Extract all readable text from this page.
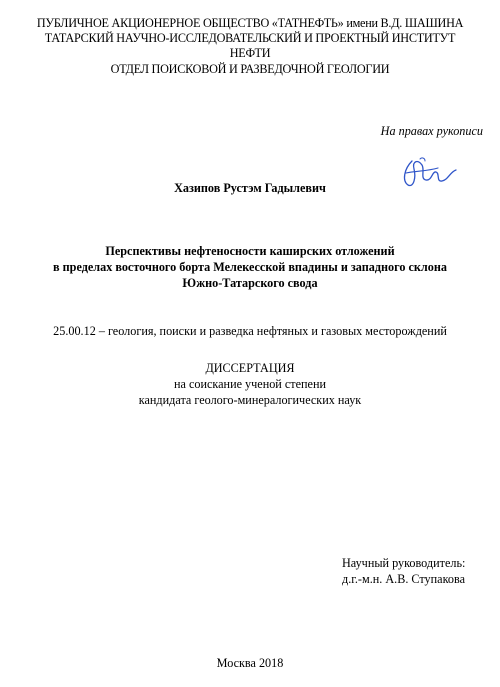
ПУБЛИЧНОЕ АКЦИОНЕРНОЕ ОБЩЕСТВО «ТАТНЕФТЬ» имени В.Д. ШАШИНА
ТАТАРСКИЙ НАУЧНО-ИССЛЕДОВАТЕЛЬСКИЙ И ПРОЕКТНЫЙ ИНСТИТУТ
НЕФТИ
ОТДЕЛ ПОИСКОВОЙ И РАЗВЕДОЧНОЙ ГЕОЛОГИИ
На правах рукописи
Хазипов Рустэм Гадылевич
Перспективы нефтеносности каширских отложений
в пределах восточного борта Мелекесской впадины и западного склона
Южно-Татарского свода
25.00.12 – геология, поиски и разведка нефтяных и газовых месторождений
ДИССЕРТАЦИЯ
на соискание ученой степени
кандидата геолого-минералогических наук
Научный руководитель:
д.г.-м.н. А.В. Ступакова
Москва 2018
